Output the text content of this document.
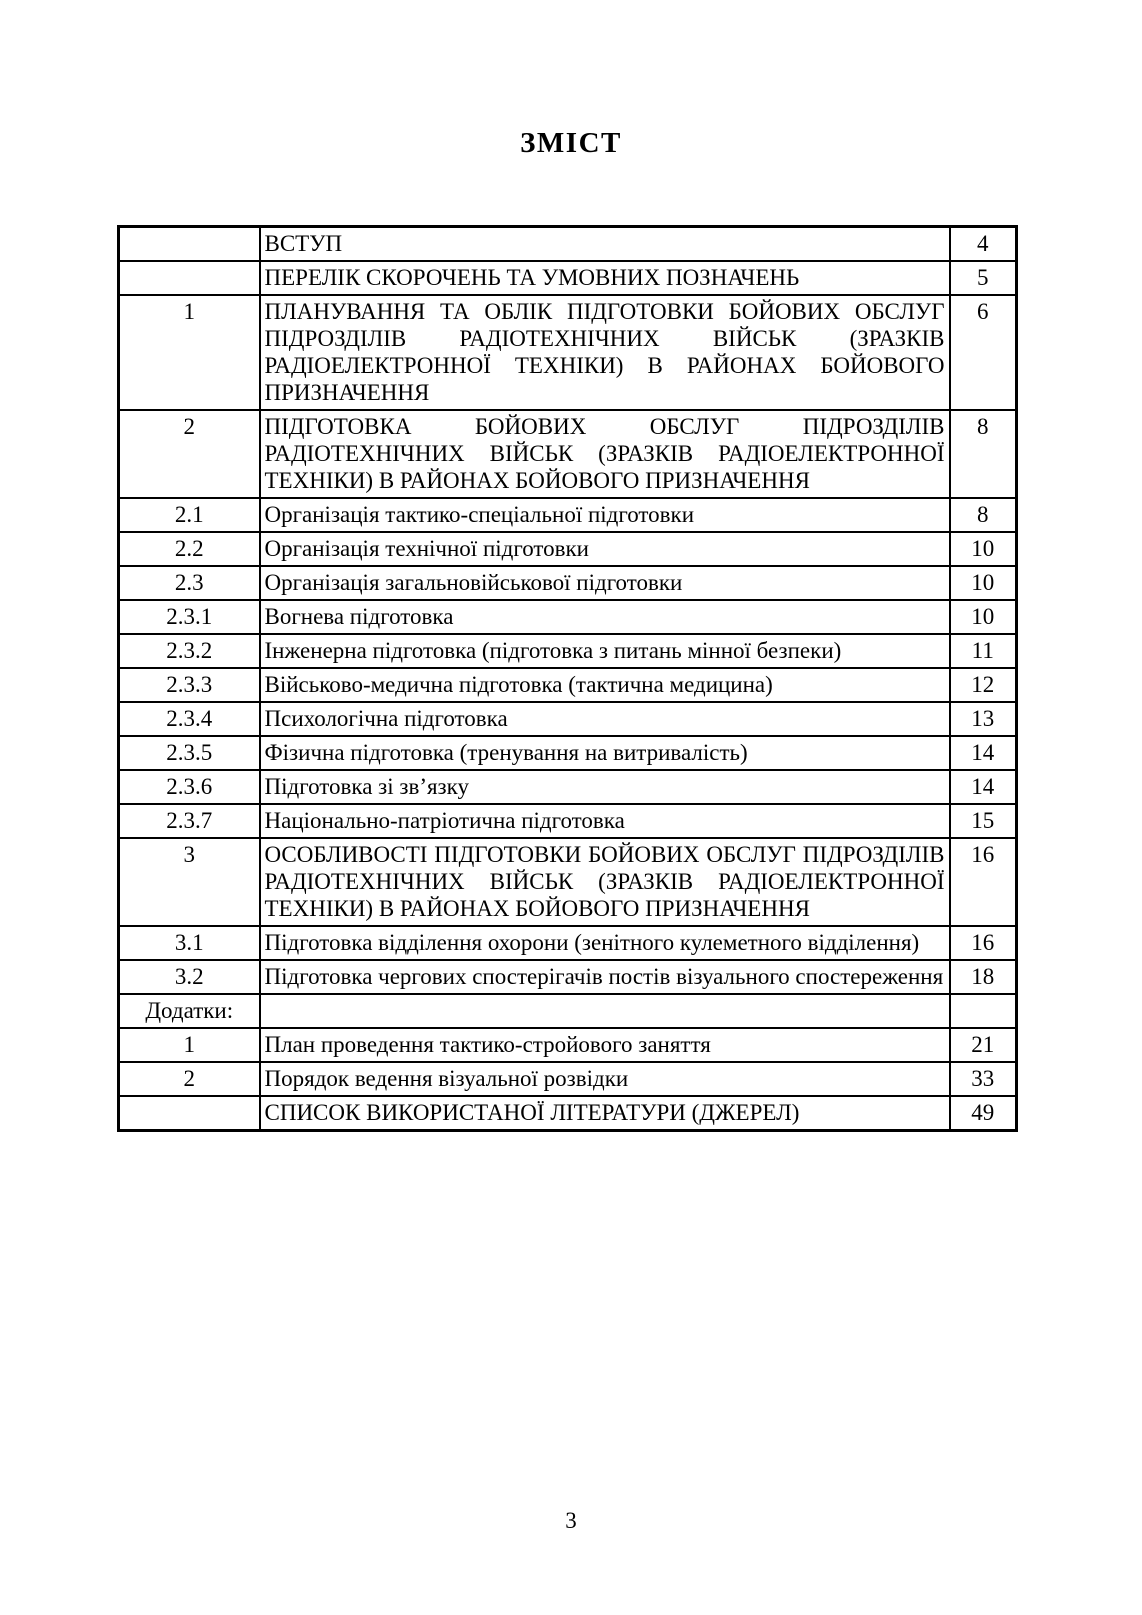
ЗМІСТ
	ВСТУП	4
	ПЕРЕЛІК СКОРОЧЕНЬ ТА УМОВНИХ ПОЗНАЧЕНЬ	5
1	ПЛАНУВАННЯ ТА ОБЛІК ПІДГОТОВКИ БОЙОВИХ ОБСЛУГ ПІДРОЗДІЛІВ РАДІОТЕХНІЧНИХ ВІЙСЬК (ЗРАЗКІВ РАДІОЕЛЕКТРОННОЇ ТЕХНІКИ) В РАЙОНАХ БОЙОВОГО ПРИЗНАЧЕННЯ	6
2	ПІДГОТОВКА БОЙОВИХ ОБСЛУГ ПІДРОЗДІЛІВ РАДІОТЕХНІЧНИХ ВІЙСЬК (ЗРАЗКІВ РАДІОЕЛЕКТРОННОЇ ТЕХНІКИ) В РАЙОНАХ БОЙОВОГО ПРИЗНАЧЕННЯ	8
2.1	Організація тактико-спеціальної підготовки	8
2.2	Організація технічної підготовки	10
2.3	Організація загальновійськової підготовки	10
2.3.1	Вогнева підготовка	10
2.3.2	Інженерна підготовка (підготовка з питань мінної безпеки)	11
2.3.3	Військово-медична підготовка (тактична медицина)	12
2.3.4	Психологічна підготовка	13
2.3.5	Фізична підготовка (тренування на витривалість)	14
2.3.6	Підготовка зі зв’язку	14
2.3.7	Національно-патріотична підготовка	15
3	ОСОБЛИВОСТІ ПІДГОТОВКИ БОЙОВИХ ОБСЛУГ ПІДРОЗДІЛІВ РАДІОТЕХНІЧНИХ ВІЙСЬК (ЗРАЗКІВ РАДІОЕЛЕКТРОННОЇ ТЕХНІКИ) В РАЙОНАХ БОЙОВОГО ПРИЗНАЧЕННЯ	16
3.1	Підготовка відділення охорони (зенітного кулеметного відділення)	16
3.2	Підготовка чергових спостерігачів постів візуального спостереження	18
Додатки:		
1	План проведення тактико-стройового заняття	21
2	Порядок ведення візуальної розвідки	33
	СПИСОК ВИКОРИСТАНОЇ ЛІТЕРАТУРИ (ДЖЕРЕЛ)	49
3
